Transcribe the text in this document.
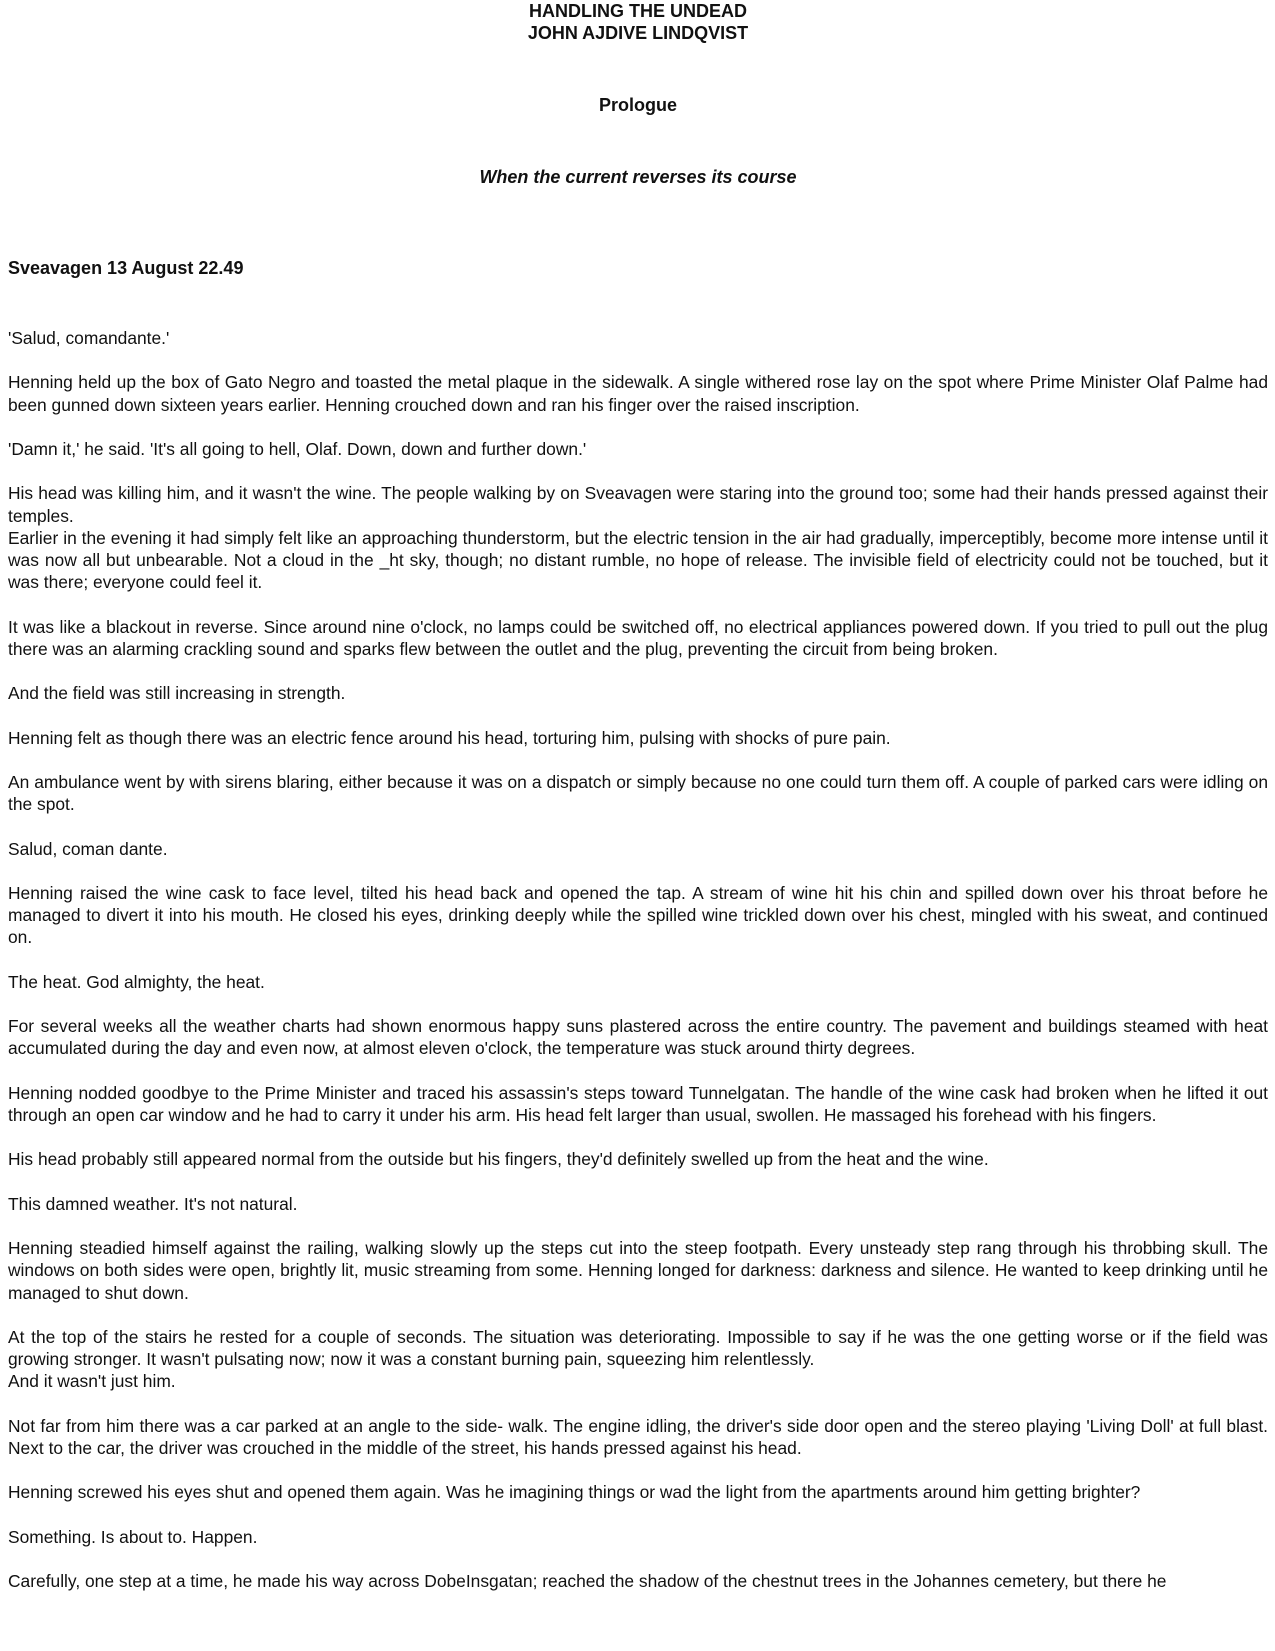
HANDLING THE UNDEAD
JOHN AJDIVE LINDQVIST
Prologue
When the current reverses its course
Sveavagen 13 August 22.49

'Salud, comandante.'

Henning held up the box of Gato Negro and toasted the metal plaque in the sidewalk. A single withered rose lay on the spot where Prime Minister Olaf Palme had been gunned down sixteen years earlier. Henning crouched down and ran his finger over the raised inscription.

'Damn it,' he said. 'It's all going to hell, Olaf. Down, down and further down.'

His head was killing him, and it wasn't the wine. The people walking by on Sveavagen were staring into the ground too; some had their hands pressed against their temples.

Earlier in the evening it had simply felt like an approaching thunderstorm, but the electric tension in the air had gradually, imperceptibly, become more intense until it was now all but unbearable. Not a cloud in the _ht sky, though; no distant rumble, no hope of release. The invisible field of electricity could not be touched, but it was there; everyone could feel it.

It was like a blackout in reverse. Since around nine o'clock, no lamps could be switched off, no electrical appliances powered down. If you tried to pull out the plug there was an alarming crackling sound and sparks flew between the outlet and the plug, preventing the circuit from being broken.

And the field was still increasing in strength.

Henning felt as though there was an electric fence around his head, torturing him, pulsing with shocks of pure pain.

An ambulance went by with sirens blaring, either because it was on a dispatch or simply because no one could turn them off. A couple of parked cars were idling on the spot.

Salud, coman dante.

Henning raised the wine cask to face level, tilted his head back and opened the tap. A stream of wine hit his chin and spilled down over his throat before he managed to divert it into his mouth. He closed his eyes, drinking deeply while the spilled wine trickled down over his chest, mingled with his sweat, and continued on.

The heat. God almighty, the heat.

For several weeks all the weather charts had shown enormous happy suns plastered across the entire country. The pavement and buildings steamed with heat accumulated during the day and even now, at almost eleven o'clock, the temperature was stuck around thirty degrees.

Henning nodded goodbye to the Prime Minister and traced his assassin's steps toward Tunnelgatan. The handle of the wine cask had broken when he lifted it out through an open car window and he had to carry it under his arm. His head felt larger than usual, swollen. He massaged his forehead with his fingers.

His head probably still appeared normal from the outside but his fingers, they'd definitely swelled up from the heat and the wine.

This damned weather. It's not natural.

Henning steadied himself against the railing, walking slowly up the steps cut into the steep footpath. Every unsteady step rang through his throbbing skull. The windows on both sides were open, brightly lit, music streaming from some. Henning longed for darkness: darkness and silence. He wanted to keep drinking until he managed to shut down.

At the top of the stairs he rested for a couple of seconds. The situation was deteriorating. Impossible to say if he was the one getting worse or if the field was growing stronger. It wasn't pulsating now; now it was a constant burning pain, squeezing him relentlessly.

And it wasn't just him.

Not far from him there was a car parked at an angle to the side- walk. The engine idling, the driver's side door open and the stereo playing 'Living Doll' at full blast. Next to the car, the driver was crouched in the middle of the street, his hands pressed against his head.

Henning screwed his eyes shut and opened them again. Was he imagining things or wad the light from the apartments around him getting brighter?

Something. Is about to. Happen.

Carefully, one step at a time, he made his way across DobeInsgatan; reached the shadow of the chestnut trees in the Johannes cemetery, but there he
